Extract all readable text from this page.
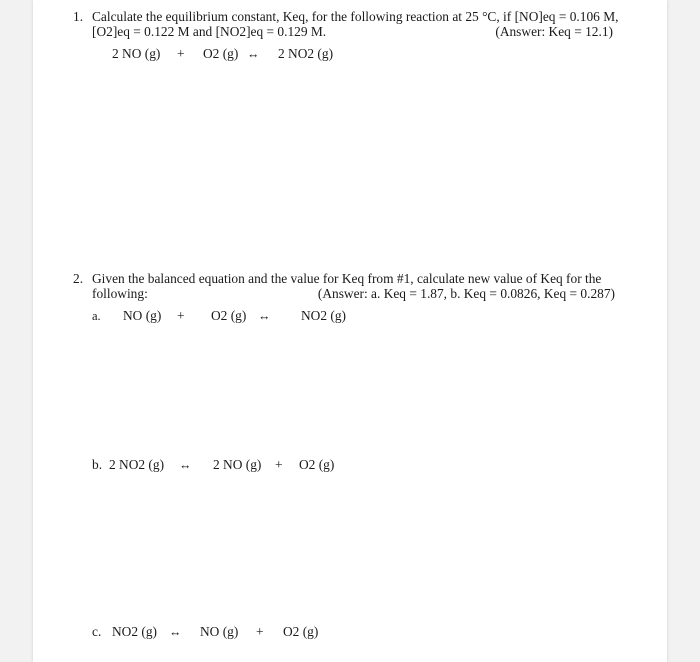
1. Calculate the equilibrium constant, Keq, for the following reaction at 25 °C, if [NO]eq = 0.106 M,
[O2]eq = 0.122 M and [NO2]eq = 0.129 M.	(Answer: Keq = 12.1)
2 NO (g) + O2 (g) ↔ 2 NO2 (g)
2. Given the balanced equation and the value for Keq from #1, calculate new value of Keq for the
following:	(Answer: a. Keq = 1.87, b. Keq = 0.0826, Keq = 0.287)
a. NO (g) + O2 (g) ↔ NO2 (g)
b. 2 NO2 (g) ↔ 2 NO (g) + O2 (g)
c. NO2 (g) ↔ NO (g) + O2 (g)
